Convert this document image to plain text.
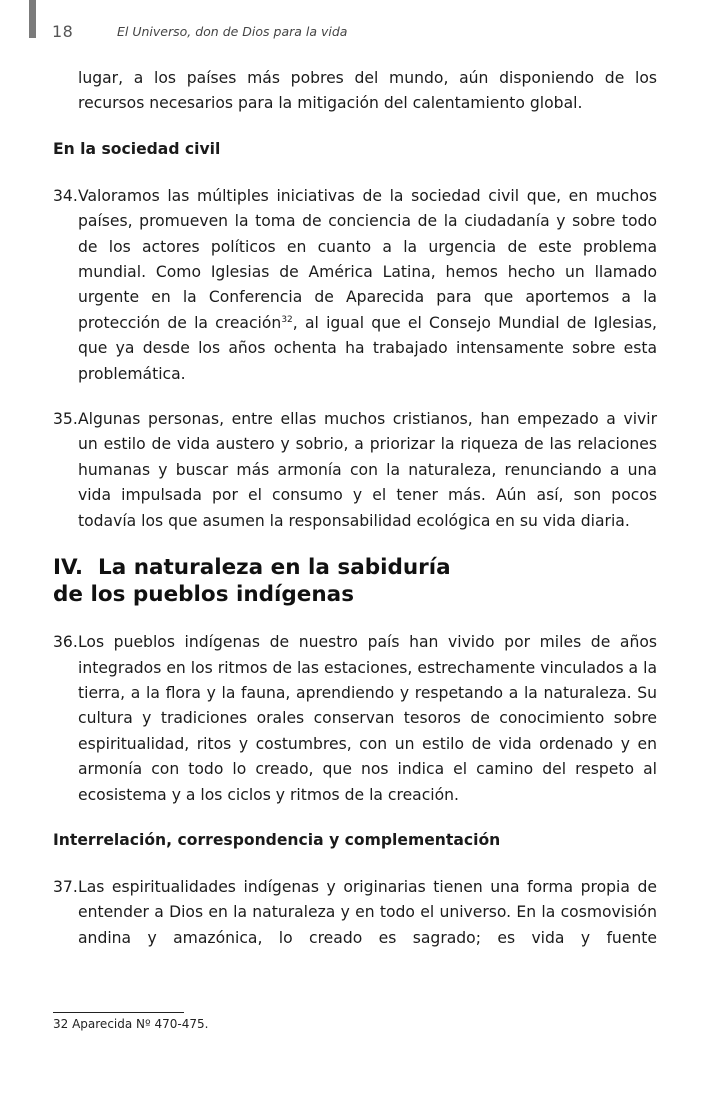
18	El Universo, don de Dios para la vida

lugar, a los países más pobres del mundo, aún disponiendo de los recursos necesarios para la mitigación del calentamiento global.

En la sociedad civil
34. Valoramos las múltiples iniciativas de la sociedad civil que, en muchos países, promueven la toma de conciencia de la ciudadanía y sobre todo de los actores políticos en cuanto a la urgencia de este problema mundial. Como Iglesias de América Latina, hemos hecho un llamado urgente en la Conferencia de Aparecida para que aportemos a la protección de la creación$^{32}$, al igual que el Consejo Mundial de Iglesias, que ya desde los años ochenta ha trabajado intensamente sobre esta problemática.

35. Algunas personas, entre ellas muchos cristianos, han empezado a vivir un estilo de vida austero y sobrio, a priorizar la riqueza de las relaciones humanas y buscar más armonía con la naturaleza, renunciando a una vida impulsada por el consumo y el tener más. Aún así, son pocos todavía los que asumen la responsabilidad ecológica en su vida diaria.

IV.  La naturaleza en la sabiduría
de los pueblos indígenas
36. Los pueblos indígenas de nuestro país han vivido por miles de años integrados en los ritmos de las estaciones, estrechamente vinculados a la tierra, a la flora y la fauna, aprendiendo y respetando a la naturaleza. Su cultura y tradiciones orales conservan tesoros de conocimiento sobre espiritualidad, ritos y costumbres, con un estilo de vida ordenado y en armonía con todo lo creado, que nos indica el camino del respeto al ecosistema y a los ciclos y ritmos de la creación.

Interrelación, correspondencia y complementación
37. Las espiritualidades indígenas y originarias tienen una forma propia de entender a Dios en la naturaleza y en todo el universo. En la cosmovisión andina y amazónica, lo creado es sagrado; es vida y fuente

32 Aparecida Nº 470-475.
